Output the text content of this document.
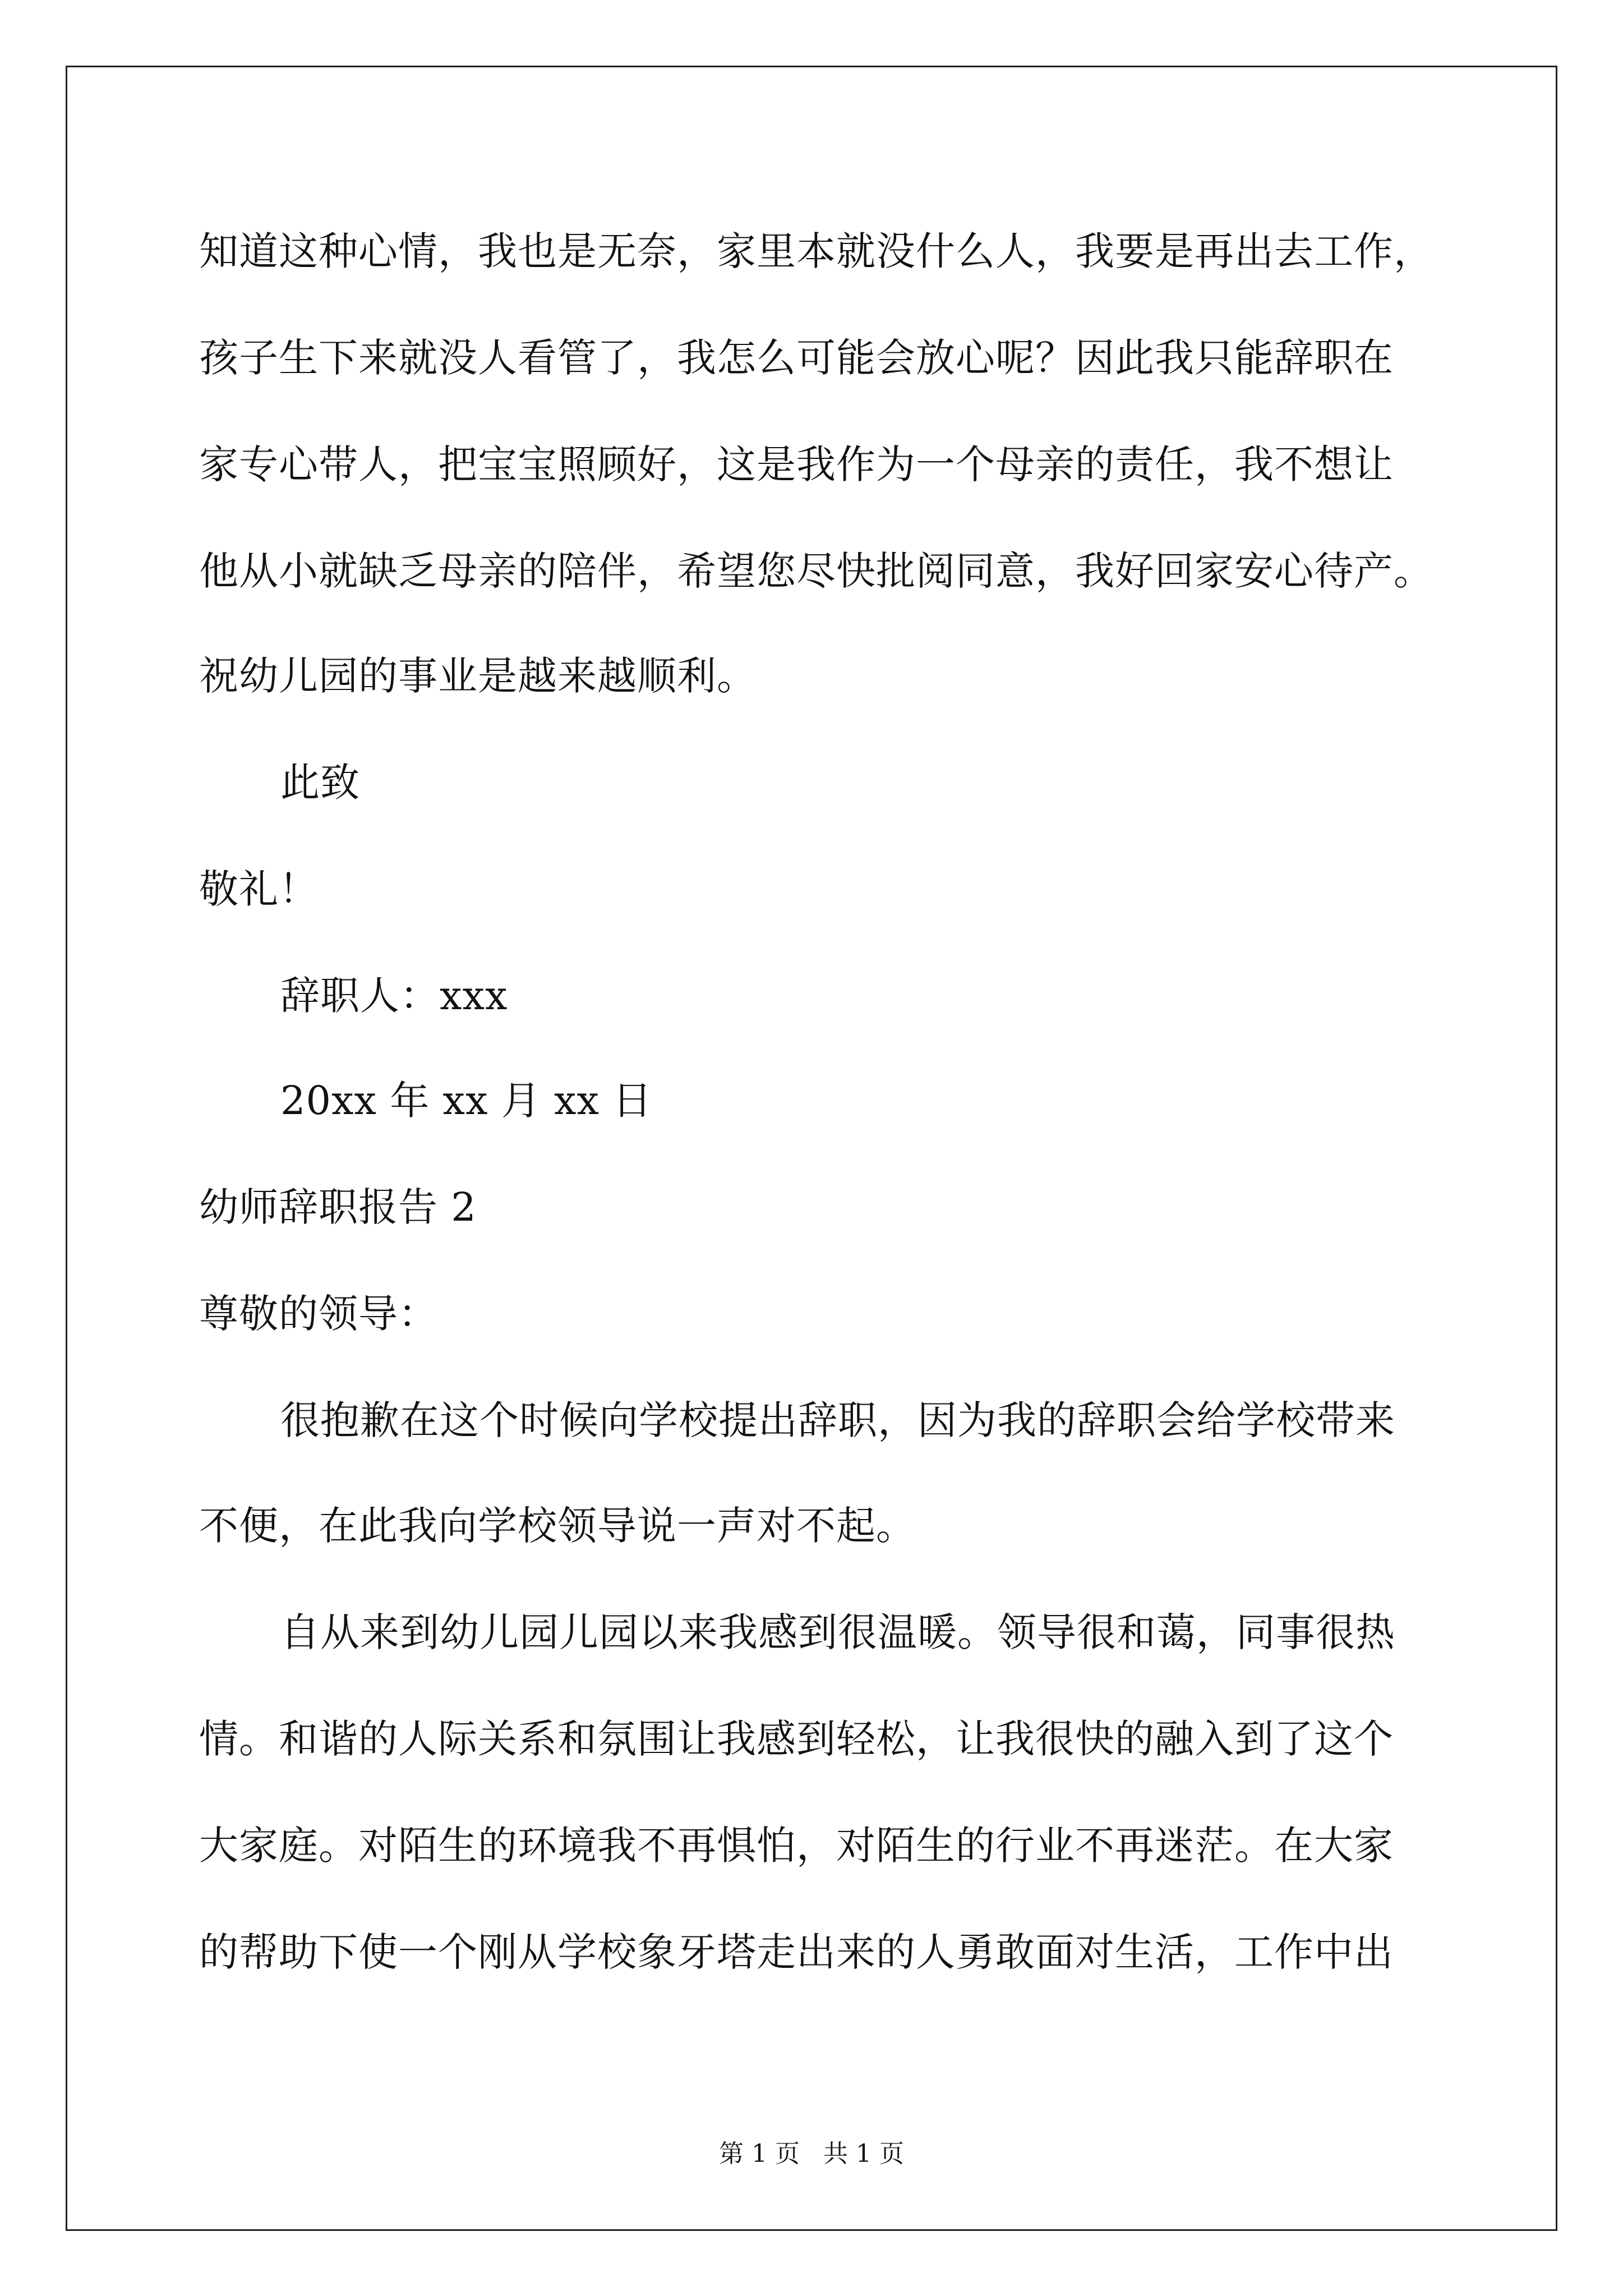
知道这种心情，我也是无奈，家里本就没什么人，我要是再出去工作，
孩子生下来就没人看管了，我怎么可能会放心呢？因此我只能辞职在
家专心带人，把宝宝照顾好，这是我作为一个母亲的责任，我不想让
他从小就缺乏母亲的陪伴，希望您尽快批阅同意，我好回家安心待产。
祝幼儿园的事业是越来越顺利。
此致
敬礼！
辞职人：xxx
20xx 年 xx 月 xx 日
幼师辞职报告 2
尊敬的领导：
很抱歉在这个时候向学校提出辞职，因为我的辞职会给学校带来
不便，在此我向学校领导说一声对不起。
自从来到幼儿园儿园以来我感到很温暖。领导很和蔼，同事很热
情。和谐的人际关系和氛围让我感到轻松，让我很快的融入到了这个
大家庭。对陌生的环境我不再惧怕，对陌生的行业不再迷茫。在大家
的帮助下使一个刚从学校象牙塔走出来的人勇敢面对生活，工作中出
第 1 页   共 1 页
